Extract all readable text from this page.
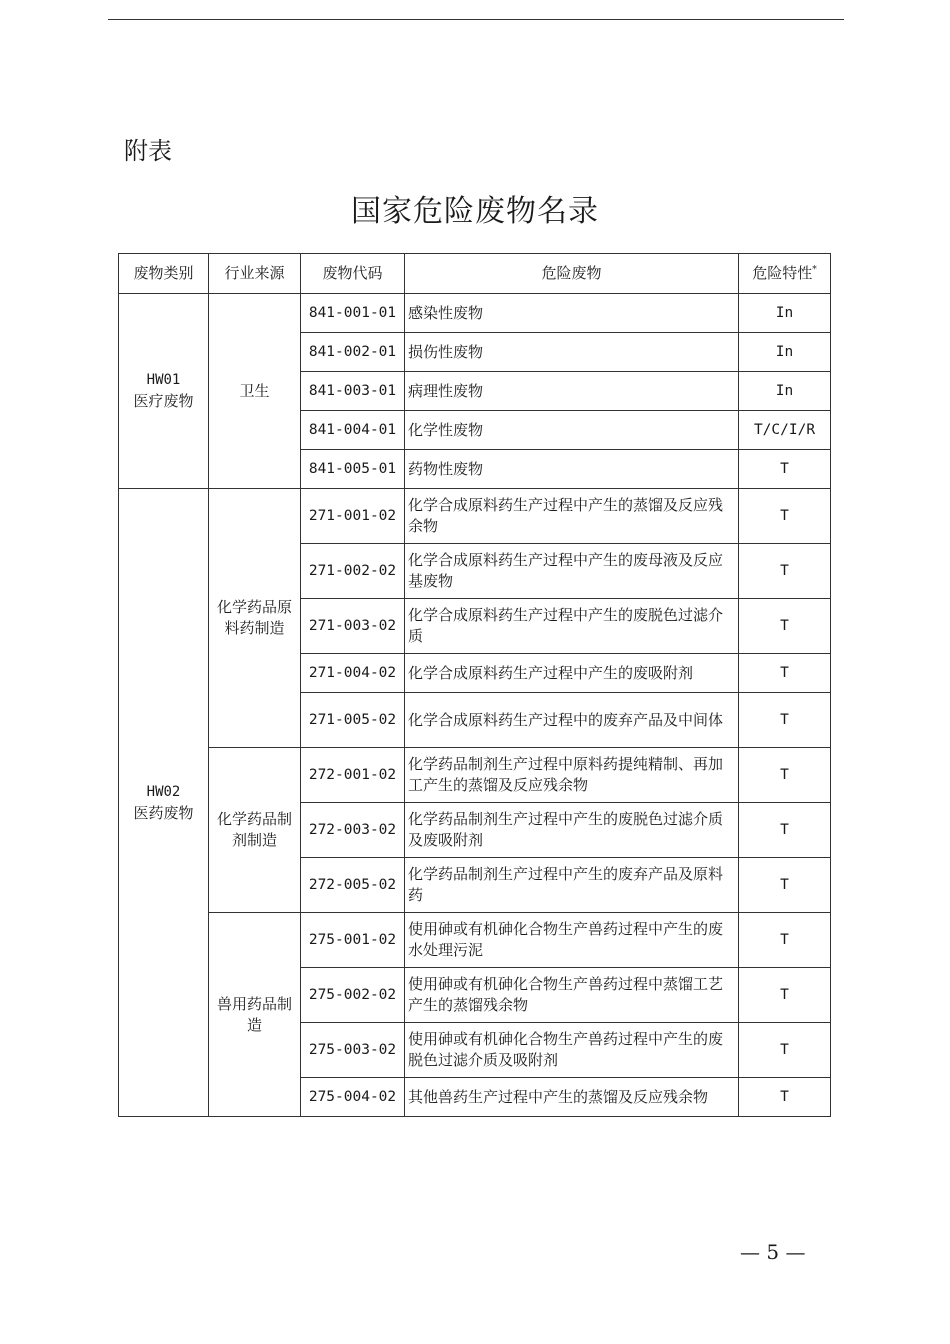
附表
国家危险废物名录
废物类别	行业来源	废物代码	危险废物	危险特性*

HW01
医疗废物	卫生	841-001-01	感染性废物	In
		841-002-01	损伤性废物	In
		841-003-01	病理性废物	In
		841-004-01	化学性废物	T/C/I/R
		841-005-01	药物性废物	T

HW02
医药废物	化学药品原料药制造	271-001-02	化学合成原料药生产过程中产生的蒸馏及反应残余物	T
		271-002-02	化学合成原料药生产过程中产生的废母液及反应基废物	T
		271-003-02	化学合成原料药生产过程中产生的废脱色过滤介质	T
		271-004-02	化学合成原料药生产过程中产生的废吸附剂	T
		271-005-02	化学合成原料药生产过程中的废弃产品及中间体	T
	化学药品制剂制造	272-001-02	化学药品制剂生产过程中原料药提纯精制、再加工产生的蒸馏及反应残余物	T
		272-003-02	化学药品制剂生产过程中产生的废脱色过滤介质及废吸附剂	T
		272-005-02	化学药品制剂生产过程中产生的废弃产品及原料药	T
	兽用药品制造	275-001-02	使用砷或有机砷化合物生产兽药过程中产生的废水处理污泥	T
		275-002-02	使用砷或有机砷化合物生产兽药过程中蒸馏工艺产生的蒸馏残余物	T
		275-003-02	使用砷或有机砷化合物生产兽药过程中产生的废脱色过滤介质及吸附剂	T
		275-004-02	其他兽药生产过程中产生的蒸馏及反应残余物	T
— 5 —
